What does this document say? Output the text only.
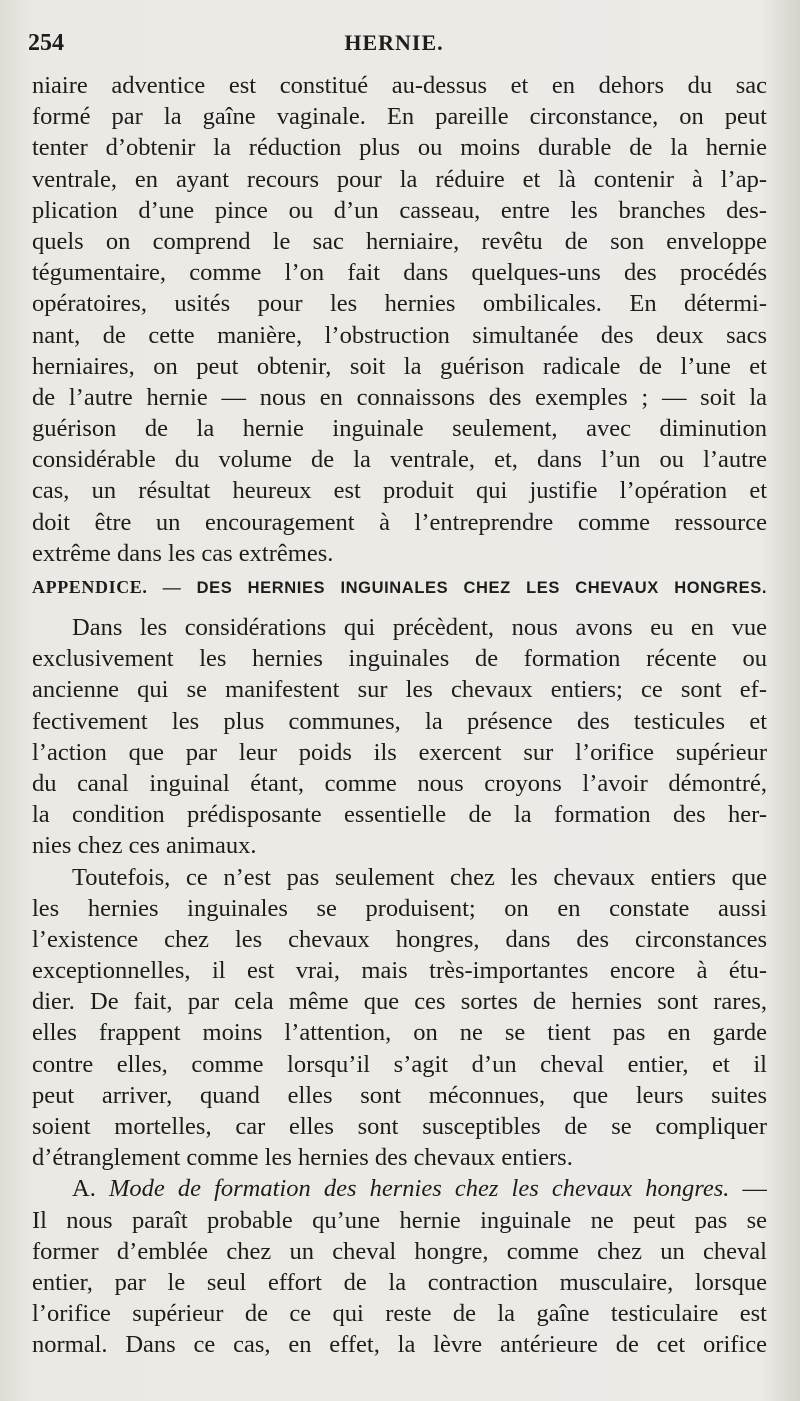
254	HERNIE.
niaire adventice est constitué au-dessus et en dehors du sac
formé par la gaîne vaginale. En pareille circonstance, on peut
tenter d’obtenir la réduction plus ou moins durable de la hernie
ventrale, en ayant recours pour la réduire et là contenir à l’ap-
plication d’une pince ou d’un casseau, entre les branches des-
quels on comprend le sac herniaire, revêtu de son enveloppe
tégumentaire, comme l’on fait dans quelques-uns des procédés
opératoires, usités pour les hernies ombilicales. En détermi-
nant, de cette manière, l’obstruction simultanée des deux sacs
herniaires, on peut obtenir, soit la guérison radicale de l’une et
de l’autre hernie — nous en connaissons des exemples ; — soit la
guérison de la hernie inguinale seulement, avec diminution
considérable du volume de la ventrale, et, dans l’un ou l’autre
cas, un résultat heureux est produit qui justifie l’opération et
doit être un encouragement à l’entreprendre comme ressource
extrême dans les cas extrêmes.
APPENDICE. — DES HERNIES INGUINALES CHEZ LES CHEVAUX HONGRES.
Dans les considérations qui précèdent, nous avons eu en vue
exclusivement les hernies inguinales de formation récente ou
ancienne qui se manifestent sur les chevaux entiers; ce sont ef-
fectivement les plus communes, la présence des testicules et
l’action que par leur poids ils exercent sur l’orifice supérieur
du canal inguinal étant, comme nous croyons l’avoir démontré,
la condition prédisposante essentielle de la formation des her-
nies chez ces animaux.
Toutefois, ce n’est pas seulement chez les chevaux entiers que
les hernies inguinales se produisent; on en constate aussi
l’existence chez les chevaux hongres, dans des circonstances
exceptionnelles, il est vrai, mais très-importantes encore à étu-
dier. De fait, par cela même que ces sortes de hernies sont rares,
elles frappent moins l’attention, on ne se tient pas en garde
contre elles, comme lorsqu’il s’agit d’un cheval entier, et il
peut arriver, quand elles sont méconnues, que leurs suites
soient mortelles, car elles sont susceptibles de se compliquer
d’étranglement comme les hernies des chevaux entiers.
A. Mode de formation des hernies chez les chevaux hongres. —
Il nous paraît probable qu’une hernie inguinale ne peut pas se
former d’emblée chez un cheval hongre, comme chez un cheval
entier, par le seul effort de la contraction musculaire, lorsque
l’orifice supérieur de ce qui reste de la gaîne testiculaire est
normal. Dans ce cas, en effet, la lèvre antérieure de cet orifice
